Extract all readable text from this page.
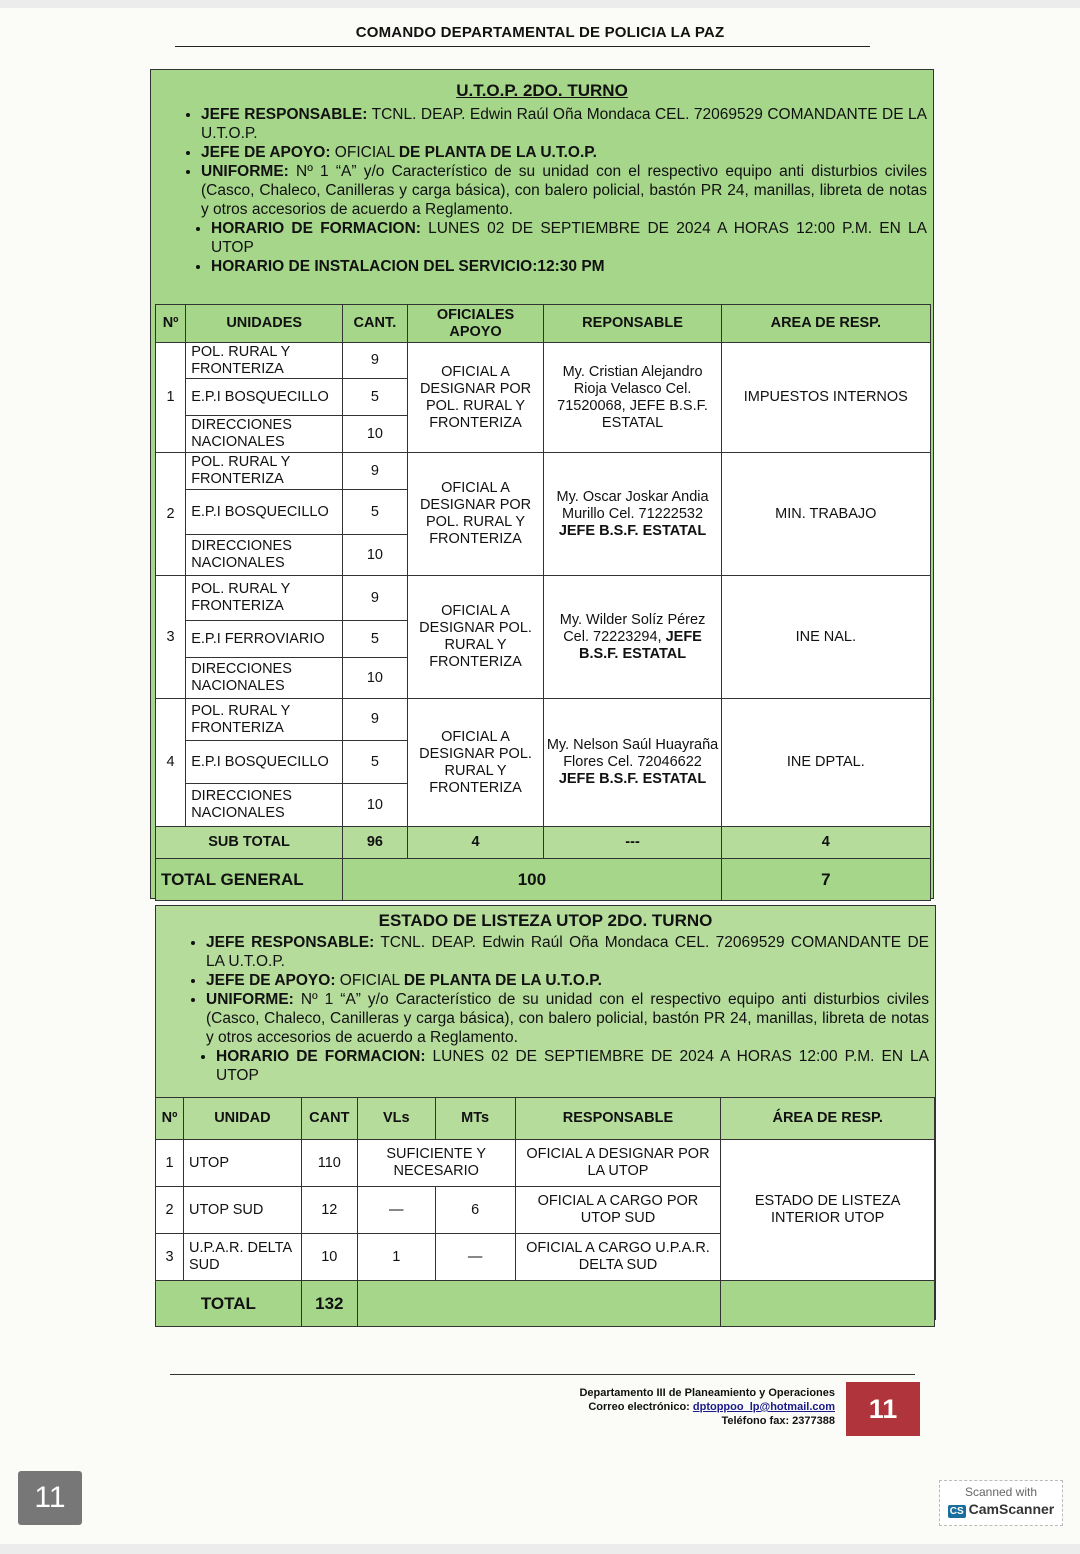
COMANDO DEPARTAMENTAL DE POLICIA LA PAZ
U.T.O.P. 2DO. TURNO
• JEFE RESPONSABLE: TCNL. DEAP. Edwin Raúl Oña Mondaca CEL. 72069529 COMANDANTE DE LA U.T.O.P.
• JEFE DE APOYO: OFICIAL DE PLANTA DE LA U.T.O.P.
• UNIFORME: Nº 1 “A” y/o Característico de su unidad con el respectivo equipo anti disturbios civiles (Casco, Chaleco, Canilleras y carga básica), con balero policial, bastón PR 24, manillas, libreta de notas y otros accesorios de acuerdo a Reglamento.
• HORARIO DE FORMACION: LUNES 02 DE SEPTIEMBRE DE 2024 A HORAS 12:00 P.M. EN LA UTOP
• HORARIO DE INSTALACION DEL SERVICIO:12:30 PM
Nº	UNIDADES	CANT.	OFICIALES APOYO	REPONSABLE	AREA DE RESP.
1	POL. RURAL Y FRONTERIZA	9	OFICIAL A DESIGNAR POR POL. RURAL Y FRONTERIZA	My. Cristian Alejandro Rioja Velasco Cel. 71520068, JEFE B.S.F. ESTATAL	IMPUESTOS INTERNOS
	E.P.I BOSQUECILLO	5			
	DIRECCIONES NACIONALES	10			
2	POL. RURAL Y FRONTERIZA	9	OFICIAL A DESIGNAR POR POL. RURAL Y FRONTERIZA	My. Oscar Joskar Andia Murillo Cel. 71222532 JEFE B.S.F. ESTATAL	MIN. TRABAJO
	E.P.I BOSQUECILLO	5			
	DIRECCIONES NACIONALES	10			
3	POL. RURAL Y FRONTERIZA	9	OFICIAL A DESIGNAR POL. RURAL Y FRONTERIZA	My. Wilder Solíz Pérez Cel. 72223294, JEFE B.S.F. ESTATAL	INE NAL.
	E.P.I FERROVIARIO	5			
	DIRECCIONES NACIONALES	10			
4	POL. RURAL Y FRONTERIZA	9	OFICIAL A DESIGNAR POL. RURAL Y FRONTERIZA	My. Nelson Saúl Huayraña Flores Cel. 72046622 JEFE B.S.F. ESTATAL	INE DPTAL.
	E.P.I BOSQUECILLO	5			
	DIRECCIONES NACIONALES	10			
SUB TOTAL		96	4	---	4
TOTAL GENERAL		100			7
ESTADO DE LISTEZA UTOP 2DO. TURNO
• JEFE RESPONSABLE: TCNL. DEAP. Edwin Raúl Oña Mondaca CEL. 72069529 COMANDANTE DE LA U.T.O.P.
• JEFE DE APOYO: OFICIAL DE PLANTA DE LA U.T.O.P.
• UNIFORME: Nº 1 “A” y/o Característico de su unidad con el respectivo equipo anti disturbios civiles (Casco, Chaleco, Canilleras y carga básica), con balero policial, bastón PR 24, manillas, libreta de notas y otros accesorios de acuerdo a Reglamento.
• HORARIO DE FORMACION: LUNES 02 DE SEPTIEMBRE DE 2024 A HORAS 12:00 P.M. EN LA UTOP
Nº	UNIDAD	CANT	VLs	MTs	RESPONSABLE	ÁREA DE RESP.
1	UTOP	110	SUFICIENTE Y NECESARIO		OFICIAL A DESIGNAR POR LA UTOP	ESTADO DE LISTEZA INTERIOR UTOP
2	UTOP SUD	12	—	6	OFICIAL A CARGO POR UTOP SUD	
3	U.P.A.R. DELTA SUD	10	1	—	OFICIAL A CARGO U.P.A.R. DELTA SUD	
TOTAL		132				
Departamento III de Planeamiento y Operaciones
Correo electrónico: dptoppoo_lp@hotmail.com
Teléfono fax: 2377388	11
11	Scanned with
CS CamScanner
